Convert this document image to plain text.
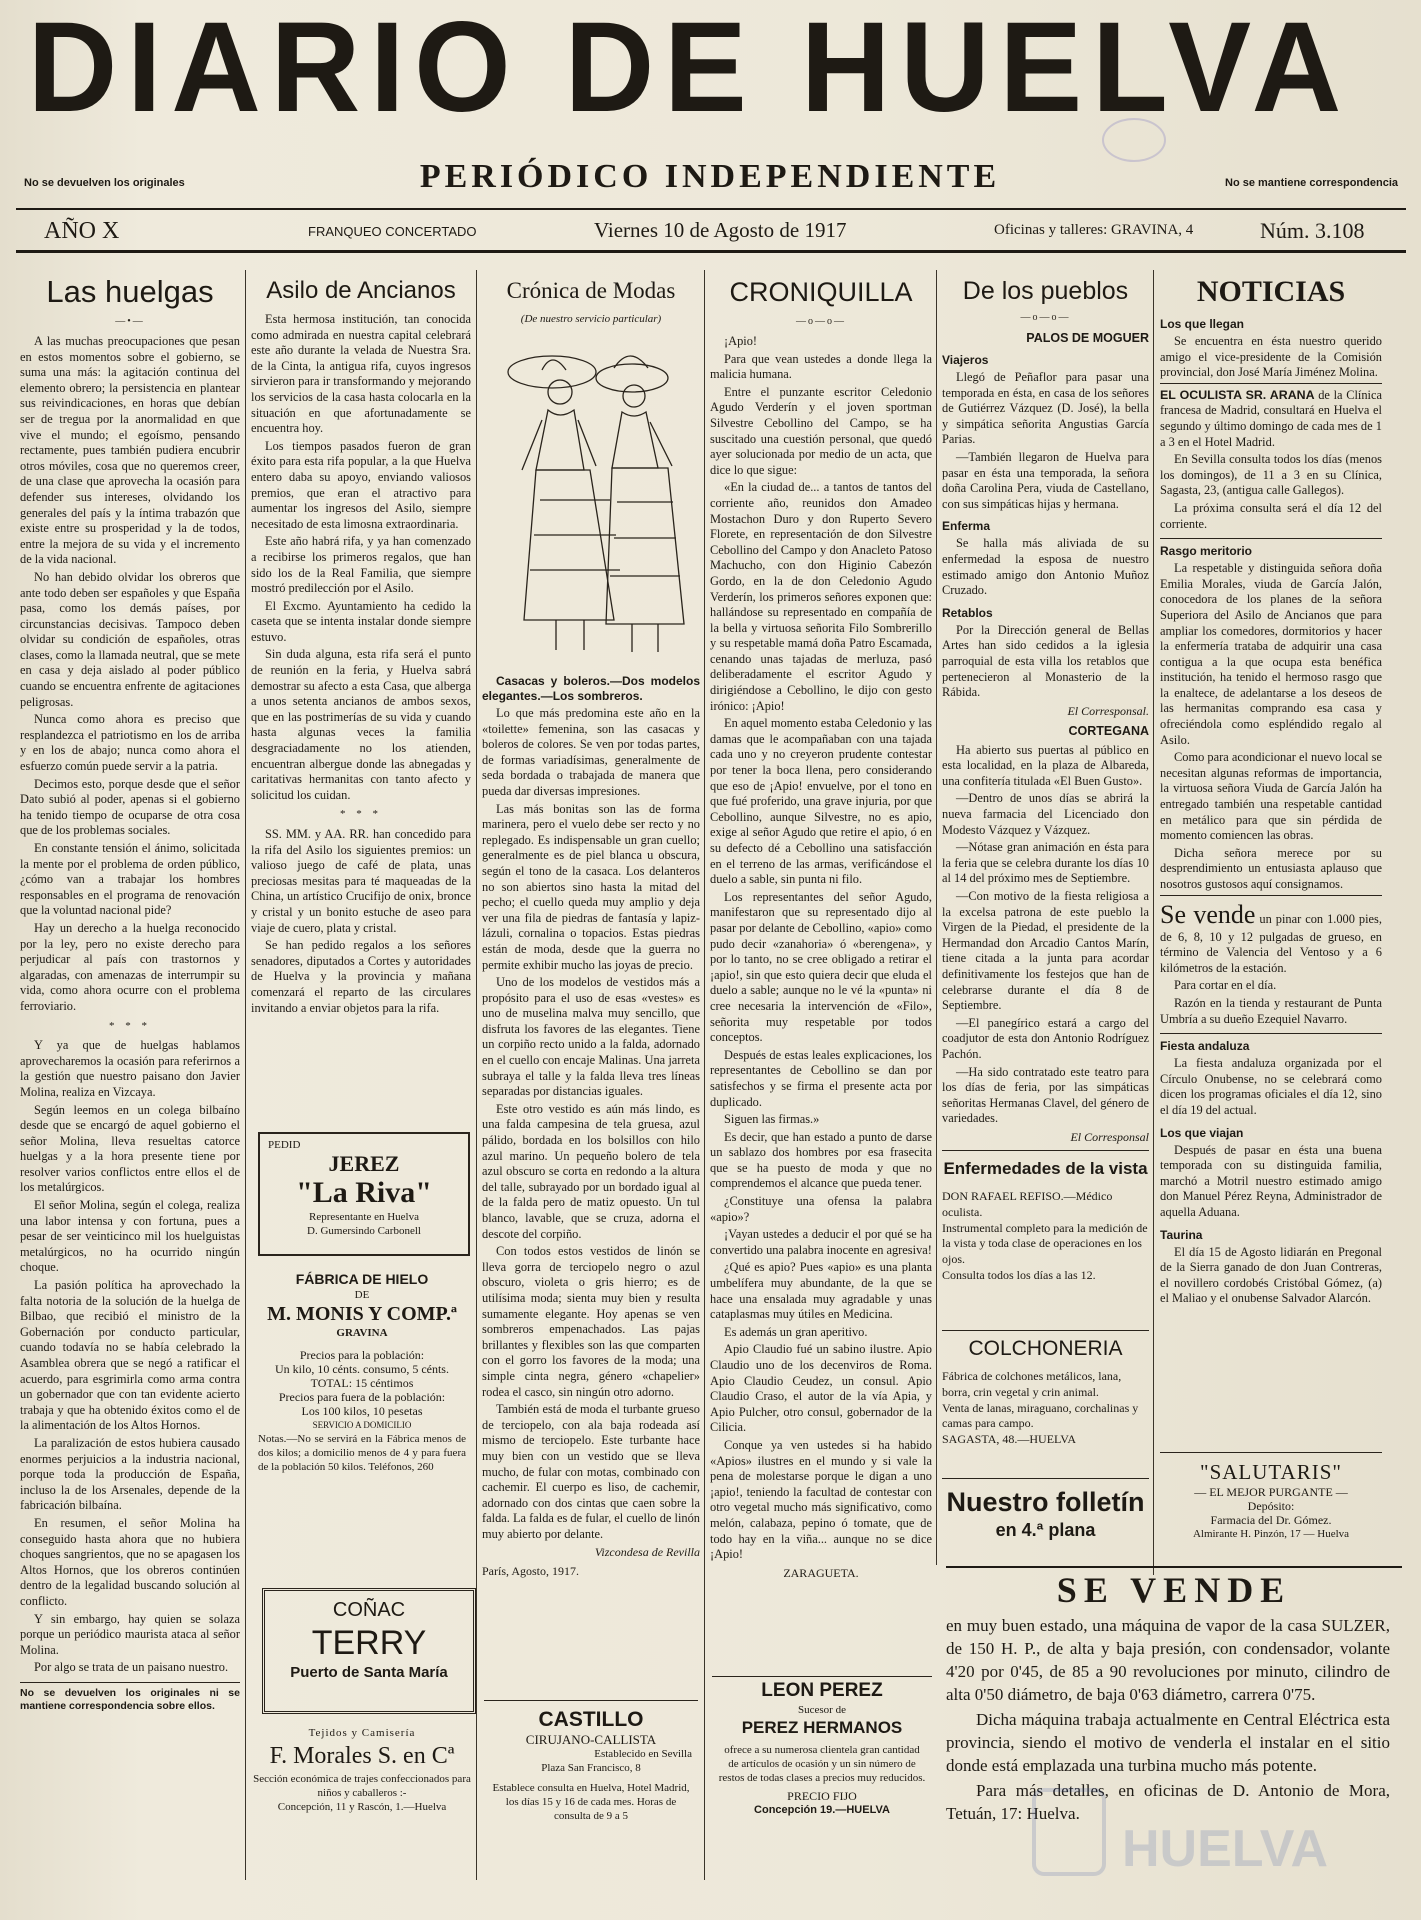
DIARIO DE HUELVA
No se devuelven los originales	PERIÓDICO INDEPENDIENTE	No se mantiene correspondencia
AÑO X	FRANQUEO CONCERTADO	Viernes 10 de Agosto de 1917	Oficinas y talleres: GRAVINA, 4	Núm. 3.108
Las huelgas
—•—

A las muchas preocupaciones que pesan en estos momentos sobre el gobierno, se suma una más: la agitación continua del elemento obrero; la persistencia en plantear sus reivindicaciones, en horas que debían ser de tregua por la anormalidad en que vive el mundo; el egoísmo, pensando rectamente, pues también pudiera encubrir otros móviles, cosa que no queremos creer, de una clase que aprovecha la ocasión para defender sus intereses, olvidando los generales del país y la íntima trabazón que existe entre su prosperidad y la de todos, entre la mejora de su vida y el incremento de la vida nacional.

No han debido olvidar los obreros que ante todo deben ser españoles y que España pasa, como los demás países, por circunstancias decisivas. Tampoco deben olvidar su condición de españoles, otras clases, como la llamada neutral, que se mete en casa y deja aislado al poder público cuando se encuentra enfrente de agitaciones peligrosas.

Nunca como ahora es preciso que resplandezca el patriotismo en los de arriba y en los de abajo; nunca como ahora el esfuerzo común puede servir a la patria.

Decimos esto, porque desde que el señor Dato subió al poder, apenas si el gobierno ha tenido tiempo de ocuparse de otra cosa que de los problemas sociales.

En constante tensión el ánimo, solicitada la mente por el problema de orden público, ¿cómo van a trabajar los hombres responsables en el programa de renovación que la voluntad nacional pide?

Hay un derecho a la huelga reconocido por la ley, pero no existe derecho para perjudicar al país con trastornos y algaradas, con amenazas de interrumpir su vida, como ahora ocurre con el problema ferroviario.

* * *

Y ya que de huelgas hablamos aprovecharemos la ocasión para referirnos a la gestión que nuestro paisano don Javier Molina, realiza en Vizcaya.

Según leemos en un colega bilbaíno desde que se encargó de aquel gobierno el señor Molina, lleva resueltas catorce huelgas y a la hora presente tiene por resolver varios conflictos entre ellos el de los metalúrgicos.

El señor Molina, según el colega, realiza una labor intensa y con fortuna, pues a pesar de ser veinticinco mil los huelguistas metalúrgicos, no ha ocurrido ningún choque.

La pasión política ha aprovechado la falta notoria de la solución de la huelga de Bilbao, que recibió el ministro de la Gobernación por conducto particular, cuando todavía no se había celebrado la Asamblea obrera que se negó a ratificar el acuerdo, para esgrimirla como arma contra un gobernador que con tan evidente acierto trabaja y que ha obtenido éxitos como el de la alimentación de los Altos Hornos.

La paralización de estos hubiera causado enormes perjuicios a la industria nacional, porque toda la producción de España, incluso la de los Arsenales, depende de la fabricación bilbaína.

En resumen, el señor Molina ha conseguido hasta ahora que no hubiera choques sangrientos, que no se apagasen los Altos Hornos, que los obreros continúen dentro de la legalidad buscando solución al conflicto.

Y sin embargo, hay quien se solaza porque un periódico maurista ataca al señor Molina.

Por algo se trata de un paisano nuestro.

No se devuelven los originales ni se mantiene correspondencia sobre ellos.
Asilo de Ancianos

Esta hermosa institución, tan conocida como admirada en nuestra capital celebrará este año durante la velada de Nuestra Sra. de la Cinta, la antigua rifa, cuyos ingresos sirvieron para ir transformando y mejorando los servicios de la casa hasta colocarla en la situación en que afortunadamente se encuentra hoy.

Los tiempos pasados fueron de gran éxito para esta rifa popular, a la que Huelva entero daba su apoyo, enviando valiosos premios, que eran el atractivo para aumentar los ingresos del Asilo, siempre necesitado de esta limosna extraordinaria.

Este año habrá rifa, y ya han comenzado a recibirse los primeros regalos, que han sido los de la Real Familia, que siempre mostró predilección por el Asilo.

El Excmo. Ayuntamiento ha cedido la caseta que se intenta instalar donde siempre estuvo.

Sin duda alguna, esta rifa será el punto de reunión en la feria, y Huelva sabrá demostrar su afecto a esta Casa, que alberga a unos setenta ancianos de ambos sexos, que en las postrimerías de su vida y cuando hasta algunas veces la familia desgraciadamente no los atienden, encuentran albergue donde las abnegadas y caritativas hermanitas con tanto afecto y solicitud los cuidan.

* * *

SS. MM. y AA. RR. han concedido para la rifa del Asilo los siguientes premios: un valioso juego de café de plata, unas preciosas mesitas para té maqueadas de la China, un artístico Crucifijo de onix, bronce y cristal y un bonito estuche de aseo para viaje de cuero, plata y cristal.

Se han pedido regalos a los señores senadores, diputados a Cortes y autoridades de Huelva y la provincia y mañana comenzará el reparto de las circulares invitando a enviar objetos para la rifa.

PEDID
JEREZ
"La Riva"
Representante en Huelva
D. Gumersindo Carbonell
FÁBRICA DE HIELO
DE
M. MONIS Y COMP.ª
GRAVINA
Precios para la población:
Un kilo, 10 cénts. consumo, 5 cénts.
TOTAL: 15 céntimos
Precios para fuera de la población:
Los 100 kilos, 10 pesetas
SERVICIO A DOMICILIO
Notas.—No se servirá en la Fábrica menos de dos kilos; a domicilio menos de 4 y para fuera de la población 50 kilos. Teléfonos, 260
COÑAC
TERRY
Puerto de Santa María
Tejidos y Camisería
F. Morales S. en Cª
Sección económica de trajes confeccionados para niños y caballeros :-
Concepción, 11 y Rascón, 1.—Huelva
Crónica de Modas
(De nuestro servicio particular)

Casacas y boleros.—Dos modelos elegantes.—Los sombreros.

Lo que más predomina este año en la «toilette» femenina, son las casacas y boleros de colores. Se ven por todas partes, de formas variadísimas, generalmente de seda bordada o trabajada de manera que pueda dar diversas impresiones.

Las más bonitas son las de forma marinera, pero el vuelo debe ser recto y no replegado. Es indispensable un gran cuello; generalmente es de piel blanca u obscura, según el tono de la casaca. Los delanteros no son abiertos sino hasta la mitad del pecho; el cuello queda muy amplio y deja ver una fila de piedras de fantasía y lapiz-lázuli, cornalina o topacios. Estas piedras están de moda, desde que la guerra no permite exhibir mucho las joyas de precio.

Uno de los modelos de vestidos más a propósito para el uso de esas «vestes» es uno de muselina malva muy sencillo, que disfruta los favores de las elegantes. Tiene un corpiño recto unido a la falda, adornado en el cuello con encaje Malinas. Una jarreta subraya el talle y la falda lleva tres líneas separadas por distancias iguales.

Este otro vestido es aún más lindo, es una falda campesina de tela gruesa, azul pálido, bordada en los bolsillos con hilo azul marino. Un pequeño bolero de tela azul obscuro se corta en redondo a la altura del talle, subrayado por un bordado igual al de la falda pero de matiz opuesto. Un tul blanco, lavable, que se cruza, adorna el descote del corpiño.

Con todos estos vestidos de linón se lleva gorra de terciopelo negro o azul obscuro, violeta o gris hierro; es de utilísima moda; sienta muy bien y resulta sumamente elegante. Hoy apenas se ven sombreros empenachados. Las pajas brillantes y flexibles son las que comparten con el gorro los favores de la moda; una simple cinta negra, género «chapelier» rodea el casco, sin ningún otro adorno.

También está de moda el turbante grueso de terciopelo, con ala baja rodeada así mismo de terciopelo. Este turbante hace muy bien con un vestido que se lleva mucho, de fular con motas, combinado con cachemir. El cuerpo es liso, de cachemir, adornado con dos cintas que caen sobre la falda. La falda es de fular, el cuello de linón muy abierto por delante.

Vizcondesa de Revilla
París, Agosto, 1917.
CASTILLO
CIRUJANO-CALLISTA
Establecido en Sevilla
Plaza San Francisco, 8
Establece consulta en Huelva, Hotel Madrid, los días 15 y 16 de cada mes. Horas de consulta de 9 a 5
CRONIQUILLA
—o—o—

¡Apio!

Para que vean ustedes a donde llega la malicia humana.

Entre el punzante escritor Celedonio Agudo Verderín y el joven sportman Silvestre Cebollino del Campo, se ha suscitado una cuestión personal, que quedó ayer solucionada por medio de un acta, que dice lo que sigue:

«En la ciudad de... a tantos de tantos del corriente año, reunidos don Amadeo Mostachon Duro y don Ruperto Severo Florete, en representación de don Silvestre Cebollino del Campo y don Anacleto Patoso Machucho, con don Higinio Cabezón Gordo, en la de don Celedonio Agudo Verderín, los primeros señores exponen que: hallándose su representado en compañía de la bella y virtuosa señorita Filo Sombrerillo y su respetable mamá doña Patro Escamada, cenando unas tajadas de merluza, pasó deliberadamente el escritor Agudo y dirigiéndose a Cebollino, le dijo con gesto irónico: ¡Apio!

En aquel momento estaba Celedonio y las damas que le acompañaban con una tajada cada uno y no creyeron prudente contestar por tener la boca llena, pero considerando que eso de ¡Apio! envuelve, por el tono en que fué proferido, una grave injuria, por que Cebollino, aunque Silvestre, no es apio, exige al señor Agudo que retire el apio, ó en su defecto dé a Cebollino una satisfacción en el terreno de las armas, verificándose el duelo a sable, sin punta ni filo.

Los representantes del señor Agudo, manifestaron que su representado dijo al pasar por delante de Cebollino, «apio» como pudo decir «zanahoria» ó «berengena», y por lo tanto, no se cree obligado a retirar el ¡apio!, sin que esto quiera decir que eluda el duelo a sable; aunque no le vé la «punta» ni cree necesaria la intervención de «Filo», señorita muy respetable por todos conceptos.

Después de estas leales explicaciones, los representantes de Cebollino se dan por satisfechos y se firma el presente acta por duplicado.

Siguen las firmas.»

Es decir, que han estado a punto de darse un sablazo dos hombres por esa frasecita que se ha puesto de moda y que no comprendemos el alcance que pueda tener.

¿Constituye una ofensa la palabra «apio»?

¡Vayan ustedes a deducir el por qué se ha convertido una palabra inocente en agresiva!

¿Qué es apio? Pues «apio» es una planta umbelífera muy abundante, de la que se hace una ensalada muy agradable y unas cataplasmas muy útiles en Medicina.

Es además un gran aperitivo.

Apio Claudio fué un sabino ilustre. Apio Claudio uno de los decenviros de Roma. Apio Claudio Ceudez, un consul. Apio Claudio Craso, el autor de la vía Apia, y Apio Pulcher, otro consul, gobernador de la Cilicia.

Conque ya ven ustedes si ha habido «Apios» ilustres en el mundo y si vale la pena de molestarse porque le digan a uno ¡apio!, teniendo la facultad de contestar con otro vegetal mucho más significativo, como melón, calabaza, pepino ó tomate, que de todo hay en la viña... aunque no se dice ¡Apio!

ZARAGUETA.
LEON PEREZ
Sucesor de
PEREZ HERMANOS
ofrece a su numerosa clientela gran cantidad de artículos de ocasión y un sin número de restos de todas clases a precios muy reducidos.
PRECIO FIJO
Concepción 19.—HUELVA
De los pueblos
—o—o—
PALOS DE MOGUER
Viajeros

Llegó de Peñaflor para pasar una temporada en ésta, en casa de los señores de Gutiérrez Vázquez (D. José), la bella y simpática señorita Angustias García Parias.

—También llegaron de Huelva para pasar en ésta una temporada, la señora doña Carolina Pera, viuda de Castellano, con sus simpáticas hijas y hermana.

Enferma

Se halla más aliviada de su enfermedad la esposa de nuestro estimado amigo don Antonio Muñoz Cruzado.

Retablos

Por la Dirección general de Bellas Artes han sido cedidos a la iglesia parroquial de esta villa los retablos que pertenecieron al Monasterio de la Rábida.

El Corresponsal.
CORTEGANA

Ha abierto sus puertas al público en esta localidad, en la plaza de Albareda, una confitería titulada «El Buen Gusto».

—Dentro de unos días se abrirá la nueva farmacia del Licenciado don Modesto Vázquez y Vázquez.

—Nótase gran animación en ésta para la feria que se celebra durante los días 10 al 14 del próximo mes de Septiembre.

—Con motivo de la fiesta religiosa a la excelsa patrona de este pueblo la Virgen de la Piedad, el presidente de la Hermandad don Arcadio Cantos Marín, tiene citada a la junta para acordar definitivamente los festejos que han de celebrarse durante el día 8 de Septiembre.

—El panegírico estará a cargo del coadjutor de esta don Antonio Rodríguez Pachón.

—Ha sido contratado este teatro para los días de feria, por las simpáticas señoritas Hermanas Clavel, del género de variedades.

El Corresponsal
Enfermedades de la vista
DON RAFAEL REFISO.—Médico oculista.
Instrumental completo para la medición de la vista y toda clase de operaciones en los ojos.
Consulta todos los días a las 12.
COLCHONERIA
Fábrica de colchones metálicos, lana, borra, crin vegetal y crin animal.
Venta de lanas, miraguano, corchalinas y camas para campo.
SAGASTA, 48.—HUELVA
Nuestro folletín
en 4.ª plana
NOTICIAS
Los que llegan

Se encuentra en ésta nuestro querido amigo el vice-presidente de la Comisión provincial, don José María Jiménez Molina.

EL OCULISTA SR. ARANA de la Clínica francesa de Madrid, consultará en Huelva el segundo y último domingo de cada mes de 1 a 3 en el Hotel Madrid.

En Sevilla consulta todos los días (menos los domingos), de 11 a 3 en su Clínica, Sagasta, 23, (antigua calle Gallegos).

La próxima consulta será el día 12 del corriente.

Rasgo meritorio

La respetable y distinguida señora doña Emilia Morales, viuda de García Jalón, conocedora de los planes de la señora Superiora del Asilo de Ancianos que para ampliar los comedores, dormitorios y hacer la enfermería trataba de adquirir una casa contigua a la que ocupa esta benéfica institución, ha tenido el hermoso rasgo que la enaltece, de adelantarse a los deseos de las hermanitas comprando esa casa y ofreciéndola como espléndido regalo al Asilo.

Como para acondicionar el nuevo local se necesitan algunas reformas de importancia, la virtuosa señora Viuda de García Jalón ha entregado también una respetable cantidad en metálico para que sin pérdida de momento comiencen las obras.

Dicha señora merece por su desprendimiento un entusiasta aplauso que nosotros gustosos aquí consignamos.

Se vende un pinar con 1.000 pies, de 6, 8, 10 y 12 pulgadas de grueso, en término de Valencia del Ventoso y a 6 kilómetros de la estación.

Para cortar en el día.

Razón en la tienda y restaurant de Punta Umbría a su dueño Ezequiel Navarro.

Fiesta andaluza

La fiesta andaluza organizada por el Círculo Onubense, no se celebrará como dicen los programas oficiales el día 12, sino el día 19 del actual.

Los que viajan

Después de pasar en ésta una buena temporada con su distinguida familia, marchó a Motril nuestro estimado amigo don Manuel Pérez Reyna, Administrador de aquella Aduana.

Taurina

El día 15 de Agosto lidiarán en Pregonal de la Sierra ganado de don Juan Contreras, el novillero cordobés Cristóbal Gómez, (a) el Maliao y el onubense Salvador Alarcón.

"SALUTARIS"
— EL MEJOR PURGANTE —
Depósito:
Farmacia del Dr. Gómez.
Almirante H. Pinzón, 17 — Huelva
SE VENDE

en muy buen estado, una máquina de vapor de la casa SULZER, de 150 H. P., de alta y baja presión, con condensador, volante 4'20 por 0'45, de 85 a 90 revoluciones por minuto, cilindro de alta 0'50 diámetro, de baja 0'63 diámetro, carrera 0'75.

Dicha máquina trabaja actualmente en Central Eléctrica esta provincia, siendo el motivo de venderla el instalar en el sitio donde está emplazada una turbina mucho más potente.

Para más detalles, en oficinas de D. Antonio de Mora, Tetuán, 17: Huelva.
